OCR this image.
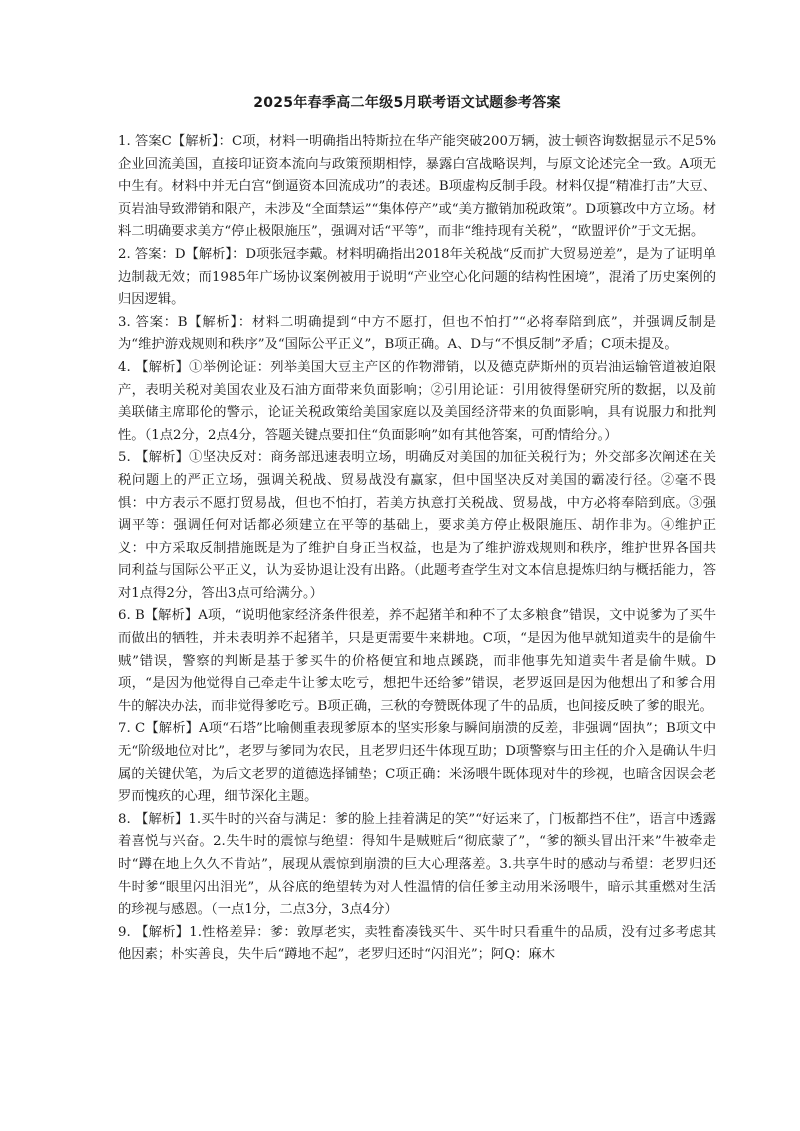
2025年春季高二年级5月联考语文试题参考答案

1. 答案C【解析】：C项，材料一明确指出特斯拉在华产能突破200万辆，波士顿咨询数据显示不足5%企业回流美国，直接印证资本流向与政策预期相悖，暴露白宫战略误判，与原文论述完全一致。A项无中生有。材料中并无白宫“倒逼资本回流成功”的表述。B项虚构反制手段。材料仅提“精准打击”大豆、页岩油导致滞销和限产，未涉及“全面禁运”“集体停产”或“美方撤销加税政策”。D项篡改中方立场。材料二明确要求美方“停止极限施压”，强调对话“平等”，而非“维持现有关税”，“欧盟评价”于文无据。

2. 答案：D【解析】：D项张冠李戴。材料明确指出2018年关税战“反而扩大贸易逆差”，是为了证明单边制裁无效；而1985年广场协议案例被用于说明“产业空心化问题的结构性困境”，混淆了历史案例的归因逻辑。

3. 答案：B【解析】：材料二明确提到“中方不愿打，但也不怕打”“必将奉陪到底”，并强调反制是为“维护游戏规则和秩序”及“国际公平正义”，B项正确。A、D与“不惧反制”矛盾；C项未提及。

4. 【解析】①举例论证：列举美国大豆主产区的作物滞销，以及德克萨斯州的页岩油运输管道被迫限产，表明关税对美国农业及石油方面带来负面影响；②引用论证：引用彼得堡研究所的数据，以及前美联储主席耶伦的警示，论证关税政策给美国家庭以及美国经济带来的负面影响，具有说服力和批判性。（1点2分，2点4分，答题关键点要扣住“负面影响”如有其他答案，可酌情给分。）

5. 【解析】①坚决反对：商务部迅速表明立场，明确反对美国的加征关税行为；外交部多次阐述在关税问题上的严正立场，强调关税战、贸易战没有赢家，但中国坚决反对美国的霸凌行径。②毫不畏惧：中方表示不愿打贸易战，但也不怕打，若美方执意打关税战、贸易战，中方必将奉陪到底。③强调平等：强调任何对话都必须建立在平等的基础上，要求美方停止极限施压、胡作非为。④维护正义：中方采取反制措施既是为了维护自身正当权益，也是为了维护游戏规则和秩序，维护世界各国共同利益与国际公平正义，认为妥协退让没有出路。（此题考查学生对文本信息提炼归纳与概括能力，答对1点得2分，答出3点可给满分。）

6. B【解析】A项，“说明他家经济条件很差，养不起猪羊和种不了太多粮食”错误，文中说爹为了买牛而做出的牺牲，并未表明养不起猪羊，只是更需要牛来耕地。C项，“是因为他早就知道卖牛的是偷牛贼”错误，警察的判断是基于爹买牛的价格便宜和地点蹊跷，而非他事先知道卖牛者是偷牛贼。D项，“是因为他觉得自己牵走牛让爹太吃亏，想把牛还给爹”错误，老罗返回是因为他想出了和爹合用牛的解决办法，而非觉得爹吃亏。B项正确，三秋的夸赞既体现了牛的品质，也间接反映了爹的眼光。

7. C【解析】A项“石塔”比喻侧重表现爹原本的坚实形象与瞬间崩溃的反差，非强调“固执”；B项文中无“阶级地位对比”，老罗与爹同为农民，且老罗归还牛体现互助；D项警察与田主任的介入是确认牛归属的关键伏笔，为后文老罗的道德选择铺垫；C项正确：米汤喂牛既体现对牛的珍视，也暗含因误会老罗而愧疚的心理，细节深化主题。

8. 【解析】1.买牛时的兴奋与满足：爹的脸上挂着满足的笑”“好运来了，门板都挡不住”，语言中透露着喜悦与兴奋。2.失牛时的震惊与绝望：得知牛是贼赃后“彻底蒙了”，“爹的额头冒出汗来”牛被牵走时“蹲在地上久久不肯站”，展现从震惊到崩溃的巨大心理落差。3.共享牛时的感动与希望：老罗归还牛时爹“眼里闪出泪光”，从谷底的绝望转为对人性温情的信任爹主动用米汤喂牛，暗示其重燃对生活的珍视与感恩。（一点1分，二点3分，3点4分）

9. 【解析】1.性格差异：爹：敦厚老实，卖牲畜凑钱买牛、买牛时只看重牛的品质，没有过多考虑其他因素；朴实善良，失牛后“蹲地不起”，老罗归还时“闪泪光”；阿Q：麻木
